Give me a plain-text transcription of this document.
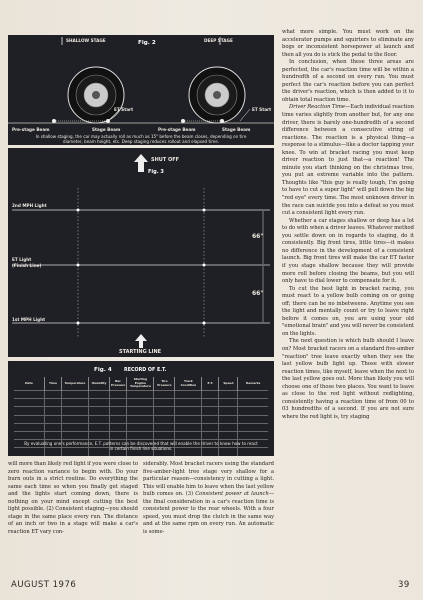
Fig. 2
SHALLOW STAGE	DEEP STAGE
ET Start	ET Start
Pre-stage Beam	Stage Beam	Pre-stage Beam	Stage Beam
In shallow staging, the car may actually roll as much as 15" before the beam closes, depending on tire diameter, beam height, etc. Deep staging reduces rollout and elapsed time.
Fig. 3
SHUT OFF
2nd MPH Light
ET Light
(Finish Line)
1st MPH Light
66"
66"
STARTING LINE
Fig. 4	RECORD OF E.T.
Date	Time	Temperature	Humidity	Bar. Pressure	Starting Engine Temperature	Tire Pressure	Track Condition	E.T.	Speed	Remarks

By evaluating one's performance, E.T. patterns can be discovered that will enable the driver to know how to react in certain finish line situations.

what more simple. You must work on the accelerator pumps and squirters to eliminate any bogs or inconsistent horsepower at launch and then all you do is stick the pedal to the floor.

In conclusion, when these three areas are perfected, the car's reaction time will be within a hundredth of a second on every run. You must perfect the car's reaction before you can perfect the driver's reaction, which is then added to it to obtain total reaction time.

Driver Reaction Time—Each individual reaction time varies slightly from another but, for any one driver, there is barely one-hundredth of a second difference between a consecutive string of reactions. The reaction is a physical thing—a response to a stimulus—like a doctor tapping your knee. To win at bracket racing you must keep driver reaction to just that—a reaction! The minute you start thinking on the christmas tree, you put an extreme variable into the pattern. Thoughts like "this guy is really tough, I'm going to have to cut a super light" will pull down the big "red eye" every time. The most unknown driver in the race can suicide you into a defeat so you must cut a consistent light every run.

Whether a car stages shallow or deep has a lot to do with when a driver leaves. Whatever method you settle down on in regards to staging, do it consistently. Big front tires, little tires—it makes no difference in the development of a consistent launch. Big front tires will make the car ET faster if you stage shallow because they will provide more roll before closing the beams, but you will only have to dial lower to compensate for it.

To cut the best light in bracket racing, you must react to a yellow bulb coming on or going off; there can be no inbetweens. Anytime you see the light and mentally count or try to leave right before it comes on, you are using your old "emotional brain" and you will never be consistent on the lights.

The next question is which bulb should I leave on? Most bracket racers on a standard five-amber "reaction" tree leave exactly when they see the last yellow bulb light up. Those with slower reaction times, like myself, leave when the next to the last yellow goes out. More than likely you will choose one of those two places. You want to leave as close to the red light without redlighting, consistently having a reaction time of from 00 to 03 hundredths of a second. If you are not sure where the red light is, try staging

will more than likely red light if you were close to zero reaction variance to begin with. Do your burn outs in a strict routine. Do everything the same each time so when you finally get staged and the lights start coming down, there is nothing on your mind except cutting the best light possible. (2) Consistent staging—you should stage in the same place every run. The distance of an inch or two in a stage will make a car's reaction ET vary con-

siderably. Most bracket racers using the standard five-amber-light tree stage very shallow for a particular reason—consistency in cutting a light. This will enable him to leave when the last yellow bulb comes on. (3) Consistent power at launch—the final consideration in a car's reaction time is consistent power to the rear wheels. With a four speed, you must drop the clutch in the same way and at the same rpm on every run. An automatic is some-

AUGUST 1976	39
